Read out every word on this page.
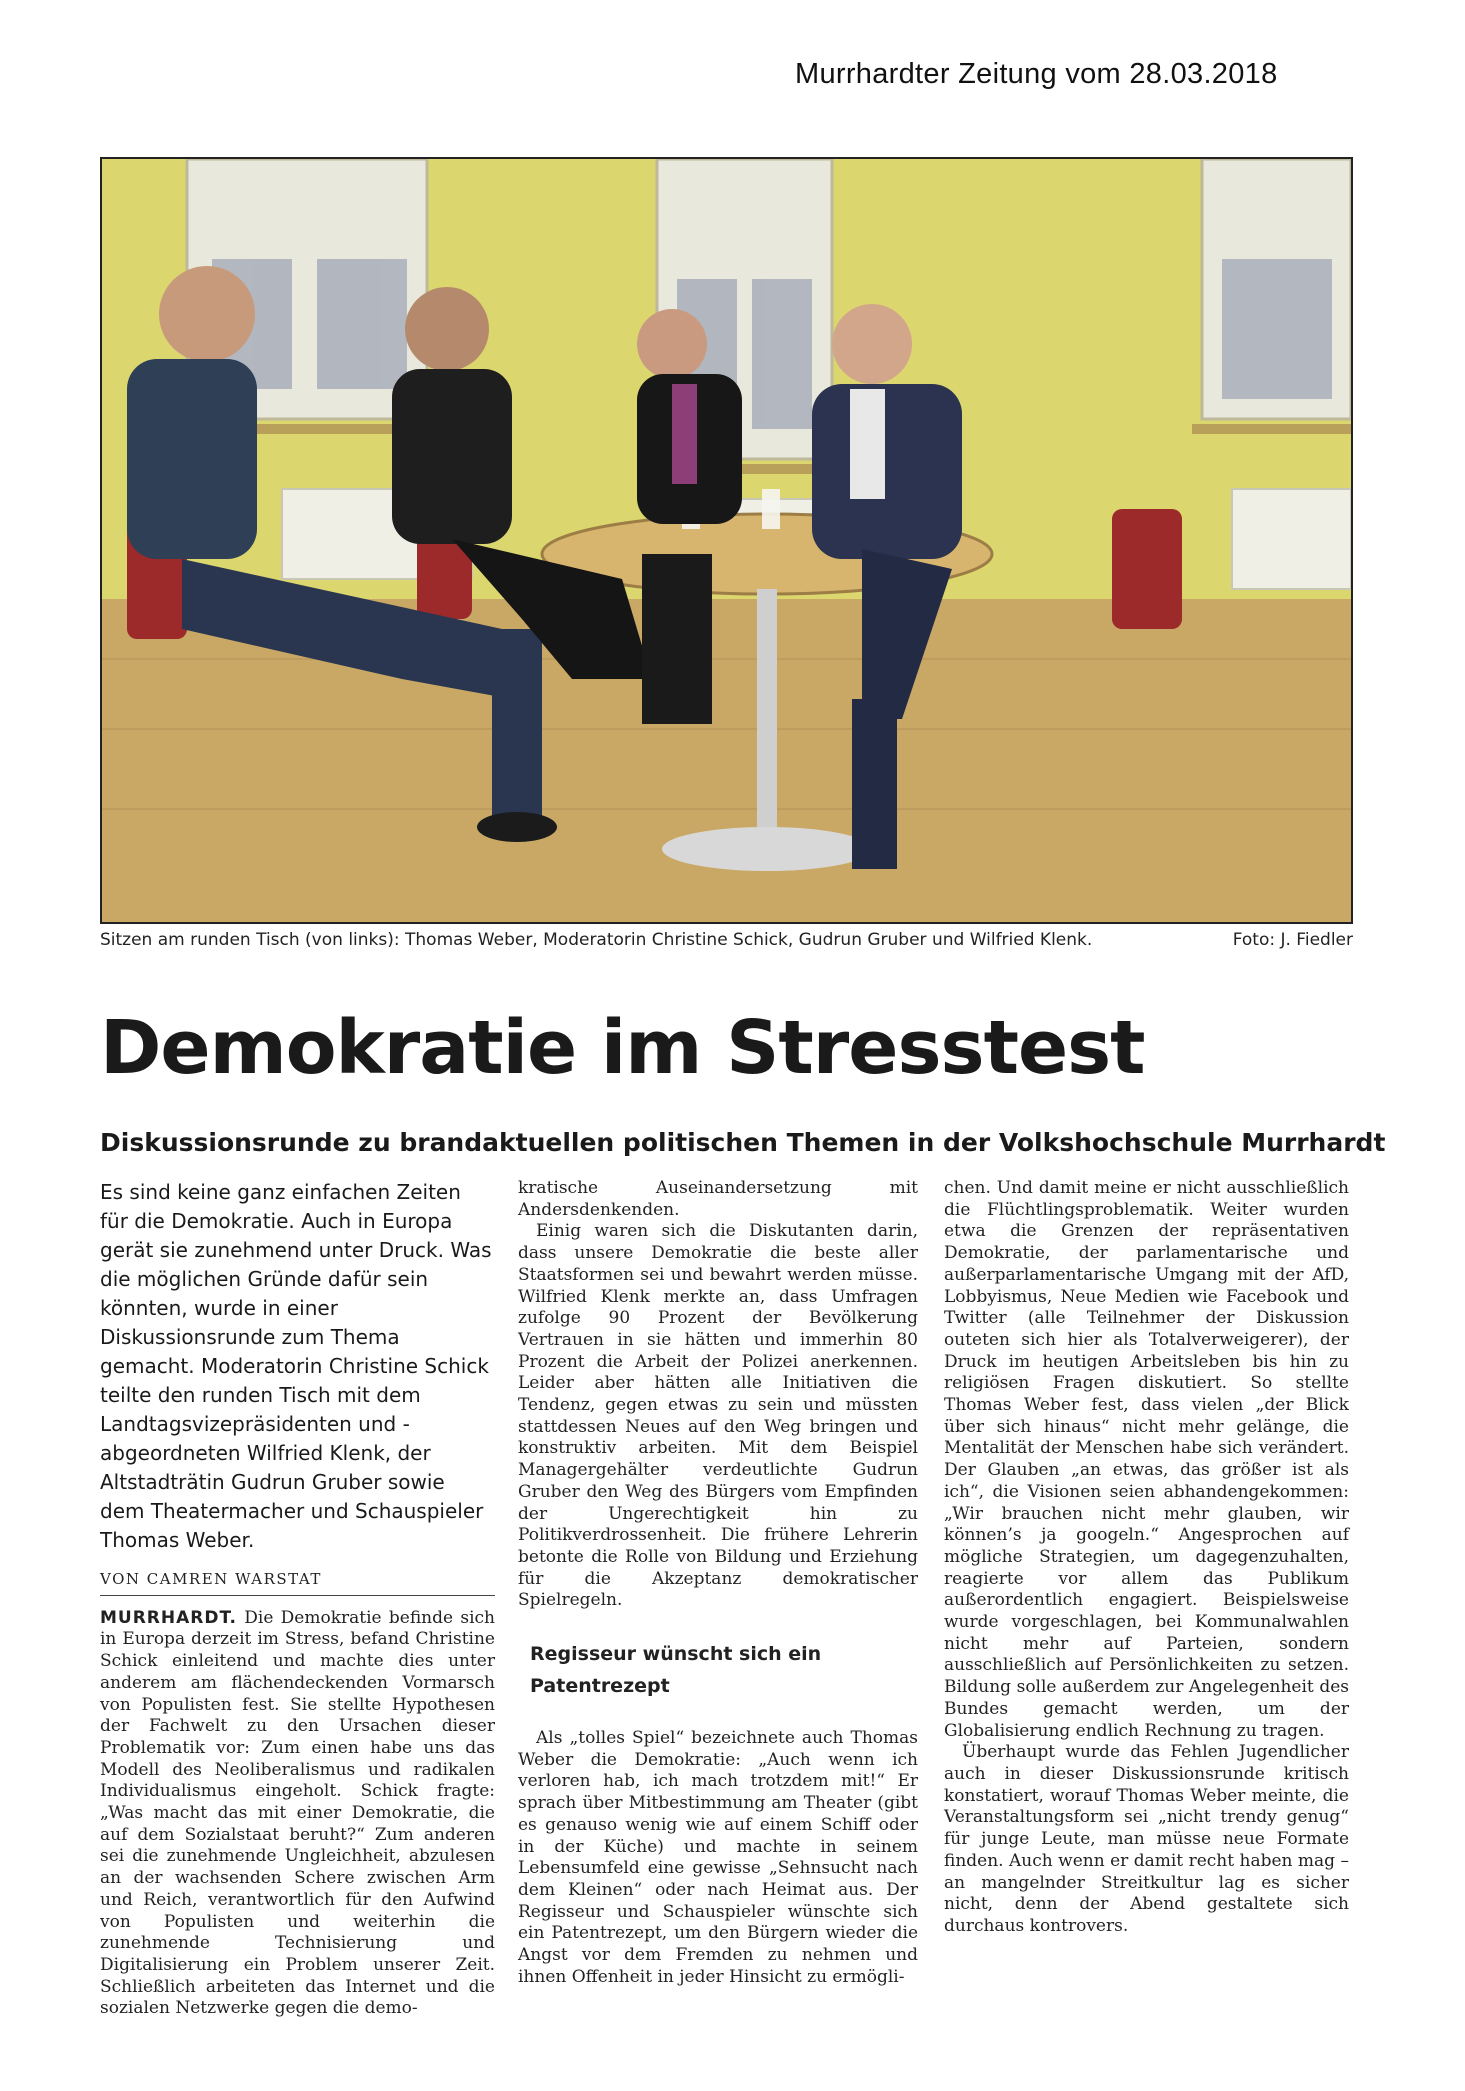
Murrhardter Zeitung vom 28.03.2018
Sitzen am runden Tisch (von links): Thomas Weber, Moderatorin Christine Schick, Gudrun Gruber und Wilfried Klenk.	Foto: J. Fiedler
Demokratie im Stresstest
Diskussionsrunde zu brandaktuellen politischen Themen in der Volkshochschule Murrhardt

Es sind keine ganz einfachen Zeiten für die Demokratie. Auch in Europa gerät sie zunehmend unter Druck. Was die möglichen Gründe dafür sein könnten, wurde in einer Diskussionsrunde zum Thema gemacht. Moderatorin Christine Schick teilte den runden Tisch mit dem Landtagsvizepräsidenten und -abgeordneten Wilfried Klenk, der Altstadträtin Gudrun Gruber sowie dem Theatermacher und Schauspieler Thomas Weber.

VON CAMREN WARSTAT

MURRHARDT. Die Demokratie befinde sich in Europa derzeit im Stress, befand Christine Schick einleitend und machte dies unter anderem am flächendeckenden Vormarsch von Populisten fest. Sie stellte Hypothesen der Fachwelt zu den Ursachen dieser Problematik vor: Zum einen habe uns das Modell des Neoliberalismus und radikalen Individualismus eingeholt. Schick fragte: „Was macht das mit einer Demokratie, die auf dem Sozialstaat beruht?“ Zum anderen sei die zunehmende Ungleichheit, abzulesen an der wachsenden Schere zwischen Arm und Reich, verantwortlich für den Aufwind von Populisten und weiterhin die zunehmende Technisierung und Digitalisierung ein Problem unserer Zeit. Schließlich arbeiteten das Internet und die sozialen Netzwerke gegen die demo-

kratische Auseinandersetzung mit Andersdenkenden.

Einig waren sich die Diskutanten darin, dass unsere Demokratie die beste aller Staatsformen sei und bewahrt werden müsse. Wilfried Klenk merkte an, dass Umfragen zufolge 90 Prozent der Bevölkerung Vertrauen in sie hätten und immerhin 80 Prozent die Arbeit der Polizei anerkennen. Leider aber hätten alle Initiativen die Tendenz, gegen etwas zu sein und müssten stattdessen Neues auf den Weg bringen und konstruktiv arbeiten. Mit dem Beispiel Managergehälter verdeutlichte Gudrun Gruber den Weg des Bürgers vom Empfinden der Ungerechtigkeit hin zu Politikverdrossenheit. Die frühere Lehrerin betonte die Rolle von Bildung und Erziehung für die Akzeptanz demokratischer Spielregeln.

Regisseur wünscht sich ein Patentrezept

Als „tolles Spiel“ bezeichnete auch Thomas Weber die Demokratie: „Auch wenn ich verloren hab, ich mach trotzdem mit!“ Er sprach über Mitbestimmung am Theater (gibt es genauso wenig wie auf einem Schiff oder in der Küche) und machte in seinem Lebensumfeld eine gewisse „Sehnsucht nach dem Kleinen“ oder nach Heimat aus. Der Regisseur und Schauspieler wünschte sich ein Patentrezept, um den Bürgern wieder die Angst vor dem Fremden zu nehmen und ihnen Offenheit in jeder Hinsicht zu ermögli-

chen. Und damit meine er nicht ausschließlich die Flüchtlingsproblematik. Weiter wurden etwa die Grenzen der repräsentativen Demokratie, der parlamentarische und außerparlamentarische Umgang mit der AfD, Lobbyismus, Neue Medien wie Facebook und Twitter (alle Teilnehmer der Diskussion outeten sich hier als Totalverweigerer), der Druck im heutigen Arbeitsleben bis hin zu religiösen Fragen diskutiert. So stellte Thomas Weber fest, dass vielen „der Blick über sich hinaus“ nicht mehr gelänge, die Mentalität der Menschen habe sich verändert. Der Glauben „an etwas, das größer ist als ich“, die Visionen seien abhandengekommen: „Wir brauchen nicht mehr glauben, wir können’s ja googeln.“ Angesprochen auf mögliche Strategien, um dagegenzuhalten, reagierte vor allem das Publikum außerordentlich engagiert. Beispielsweise wurde vorgeschlagen, bei Kommunalwahlen nicht mehr auf Parteien, sondern ausschließlich auf Persönlichkeiten zu setzen. Bildung solle außerdem zur Angelegenheit des Bundes gemacht werden, um der Globalisierung endlich Rechnung zu tragen.

Überhaupt wurde das Fehlen Jugendlicher auch in dieser Diskussionsrunde kritisch konstatiert, worauf Thomas Weber meinte, die Veranstaltungsform sei „nicht trendy genug“ für junge Leute, man müsse neue Formate finden. Auch wenn er damit recht haben mag – an mangelnder Streitkultur lag es sicher nicht, denn der Abend gestaltete sich durchaus kontrovers.
